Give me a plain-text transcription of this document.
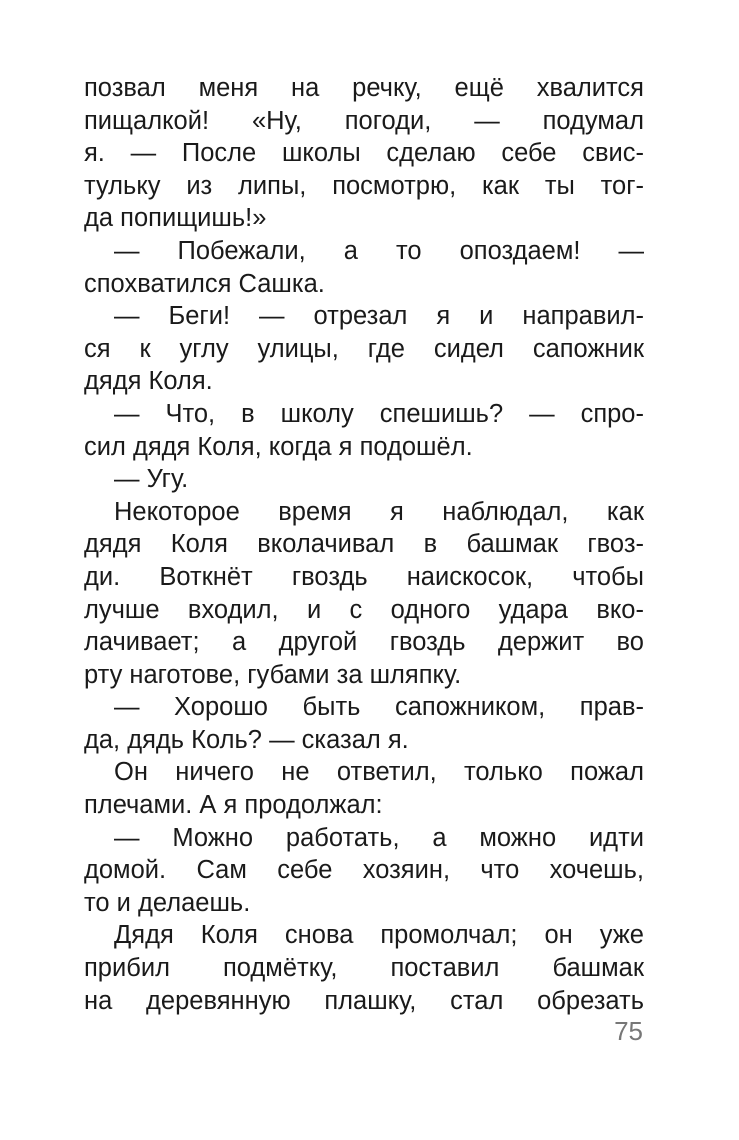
позвал меня на речку, ещё хвалится
пищалкой! «Ну, погоди, — подумал
я. — После школы сделаю себе свис-
тульку из липы, посмотрю, как ты тог-
да попищишь!»
— Побежали, а то опоздаем! —
спохватился Сашка.
— Беги! — отрезал я и направил-
ся к углу улицы, где сидел сапожник
дядя Коля.
— Что, в школу спешишь? — спро-
сил дядя Коля, когда я подошёл.
— Угу.
Некоторое время я наблюдал, как
дядя Коля вколачивал в башмак гвоз-
ди. Воткнёт гвоздь наискосок, чтобы
лучше входил, и с одного удара вко-
лачивает; а другой гвоздь держит во
рту наготове, губами за шляпку.
— Хорошо быть сапожником, прав-
да, дядь Коль? — сказал я.
Он ничего не ответил, только пожал
плечами. А я продолжал:
— Можно работать, а можно идти
домой. Сам себе хозяин, что хочешь,
то и делаешь.
Дядя Коля снова промолчал; он уже
прибил подмётку, поставил башмак
на деревянную плашку, стал обрезать
75
